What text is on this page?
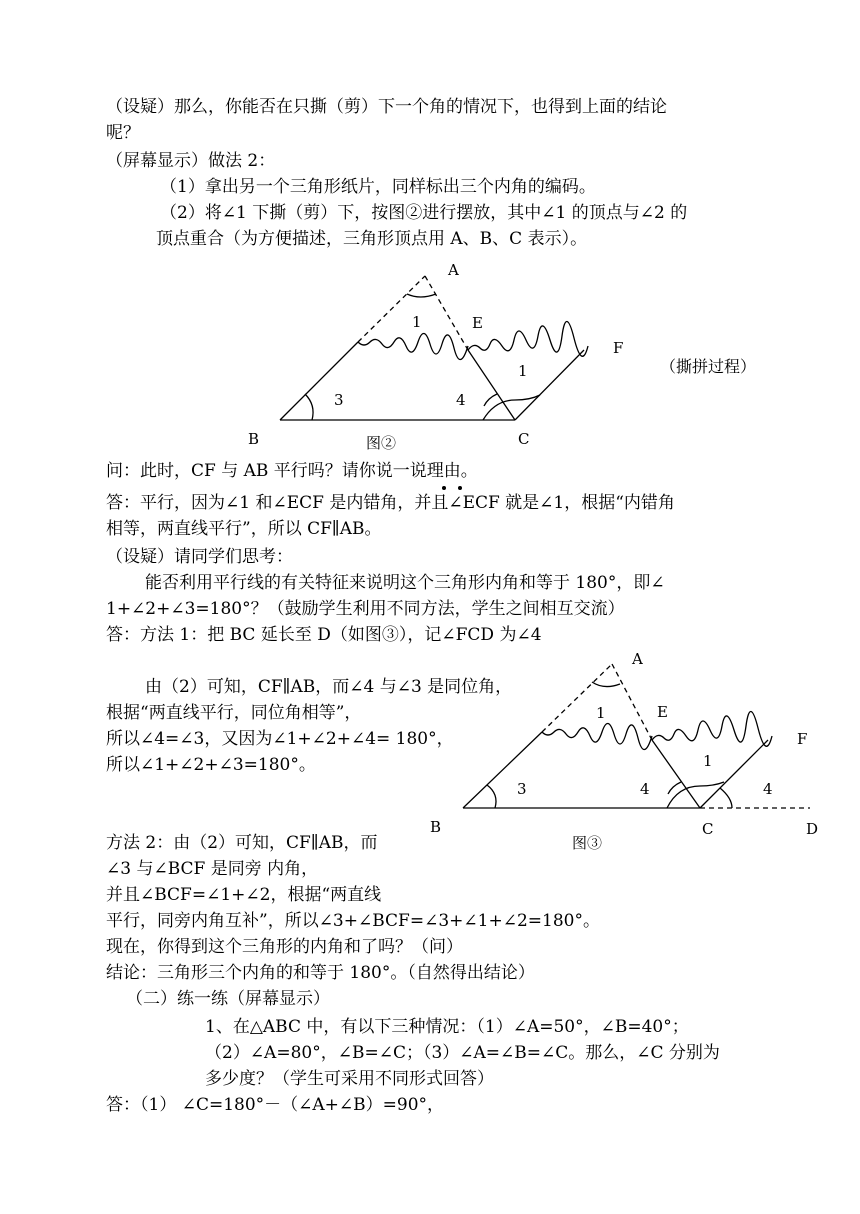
（设疑）那么，你能否在只撕（剪）下一个角的情况下，也得到上面的结论
呢？
（屏幕显示）做法 2：
（1）拿出另一个三角形纸片，同样标出三个内角的编码。
（2）将∠1 下撕（剪）下，按图②进行摆放，其中∠1 的顶点与∠2 的
顶点重合（为方便描述，三角形顶点用 A、B、C 表示）。
问：此时，CF 与 AB 平行吗？请你说一说理由。
答：平行，因为∠1 和∠ECF 是内错角，并且∠ECF 就是∠1，根据“内错角
相等，两直线平行”，所以 CF∥AB。
（设疑）请同学们思考：
能否利用平行线的有关特征来说明这个三角形内角和等于 180°，即∠
1+∠2+∠3=180°？（鼓励学生利用不同方法，学生之间相互交流）
答：方法 1：把 BC 延长至 D（如图③），记∠FCD 为∠4
由（2）可知，CF∥AB，而∠4 与∠3 是同位角，
根据“两直线平行，同位角相等”，
所以∠4=∠3，又因为∠1+∠2+∠4= 180°，
所以∠1+∠2+∠3=180°。
方法 2：由（2）可知，CF∥AB，而
∠3 与∠BCF 是同旁 内角，
并且∠BCF=∠1+∠2，根据“两直线
平行，同旁内角互补”，所以∠3+∠BCF=∠3+∠1+∠2=180°。
现在，你得到这个三角形的内角和了吗？（问）
结论：三角形三个内角的和等于 180°。（自然得出结论）
（二）练一练（屏幕显示）
1、在△ABC 中，有以下三种情况：（1）∠A=50°，∠B=40°；
（2）∠A=80°，∠B=∠C；（3）∠A=∠B=∠C。那么，∠C 分别为
多少度？（学生可采用不同形式回答）
答：（1） ∠C=180°－（∠A+∠B）=90°，
A
E
F
B	C
1
3	4
1
图②
（撕拼过程）
A
E
F
B	C	D
1
3	4
1
4
图③
